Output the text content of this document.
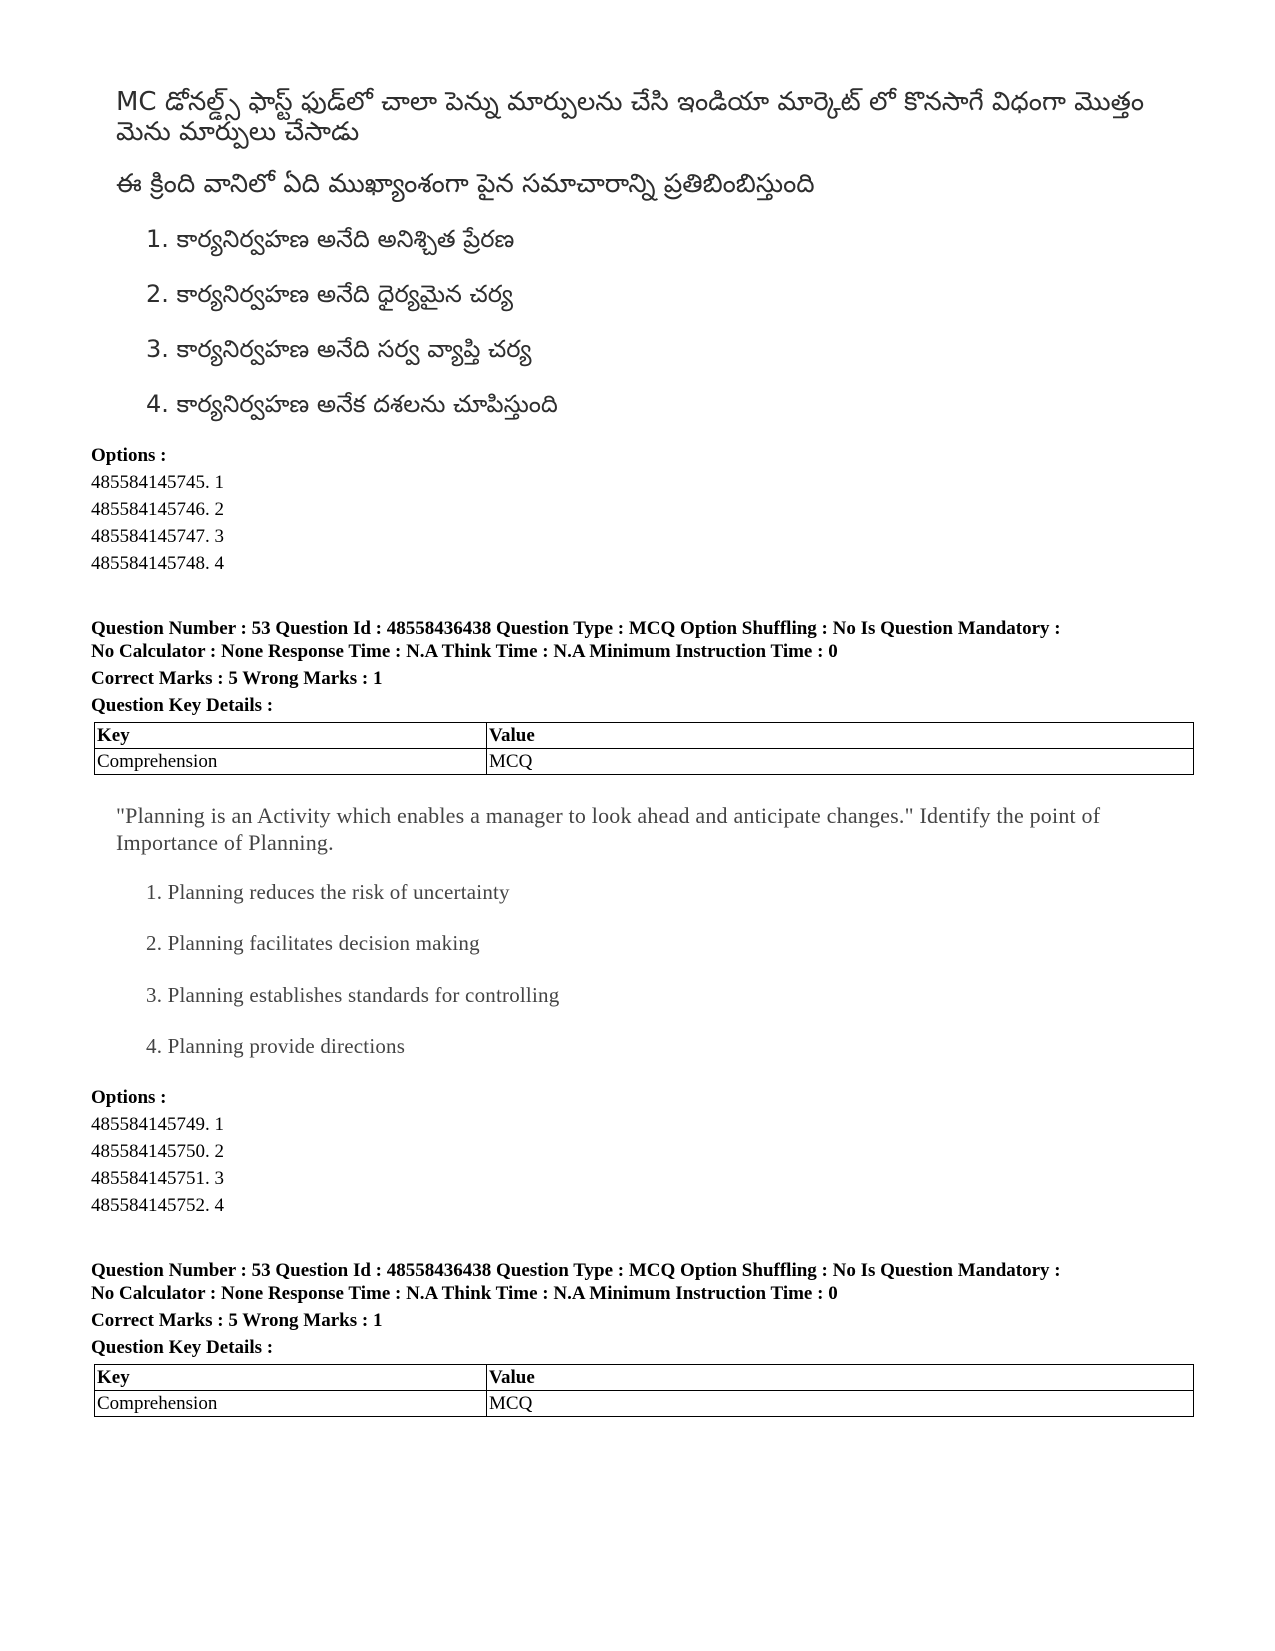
MC డోనల్డ్స్ ఫాస్ట్ ఫుడ్‌లో చాలా పెన్ను మార్పులను చేసి ఇండియా మార్కెట్ లో కొనసాగే విధంగా మొత్తం
మెను మార్పులు చేసాడు
ఈ క్రింది వానిలో ఏది ముఖ్యాంశంగా పైన సమాచారాన్ని ప్రతిబింబిస్తుంది
1. కార్యనిర్వహణ అనేది అనిశ్చిత ప్రేరణ
2. కార్యనిర్వహణ అనేది ధైర్యమైన చర్య
3. కార్యనిర్వహణ అనేది సర్వ వ్యాప్తి చర్య
4. కార్యనిర్వహణ అనేక దశలను చూపిస్తుంది
Options :
485584145745. 1
485584145746. 2
485584145747. 3
485584145748. 4
Question Number : 53 Question Id : 48558436438 Question Type : MCQ Option Shuffling : No Is Question Mandatory :
No Calculator : None Response Time : N.A Think Time : N.A Minimum Instruction Time : 0
Correct Marks : 5 Wrong Marks : 1
Question Key Details :
Key	Value
Comprehension	MCQ
"Planning is an Activity which enables a manager to look ahead and anticipate changes." Identify the point of
Importance of Planning.
1. Planning reduces the risk of uncertainty
2. Planning facilitates decision making
3. Planning establishes standards for controlling
4. Planning provide directions
Options :
485584145749. 1
485584145750. 2
485584145751. 3
485584145752. 4
Question Number : 53 Question Id : 48558436438 Question Type : MCQ Option Shuffling : No Is Question Mandatory :
No Calculator : None Response Time : N.A Think Time : N.A Minimum Instruction Time : 0
Correct Marks : 5 Wrong Marks : 1
Question Key Details :
Key	Value
Comprehension	MCQ
